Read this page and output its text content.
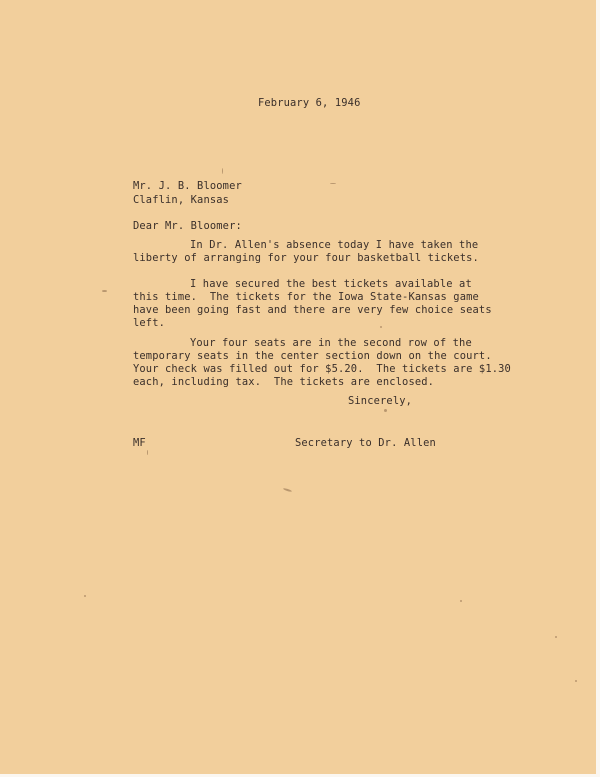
February 6, 1946
Mr. J. B. Bloomer
Claflin, Kansas
Dear Mr. Bloomer:
In Dr. Allen's absence today I have taken the
liberty of arranging for your four basketball tickets.
I have secured the best tickets available at
this time.  The tickets for the Iowa State-Kansas game
have been going fast and there are very few choice seats
left.
Your four seats are in the second row of the
temporary seats in the center section down on the court.
Your check was filled out for $5.20.  The tickets are $1.30
each, including tax.  The tickets are enclosed.
Sincerely,
MF	Secretary to Dr. Allen
